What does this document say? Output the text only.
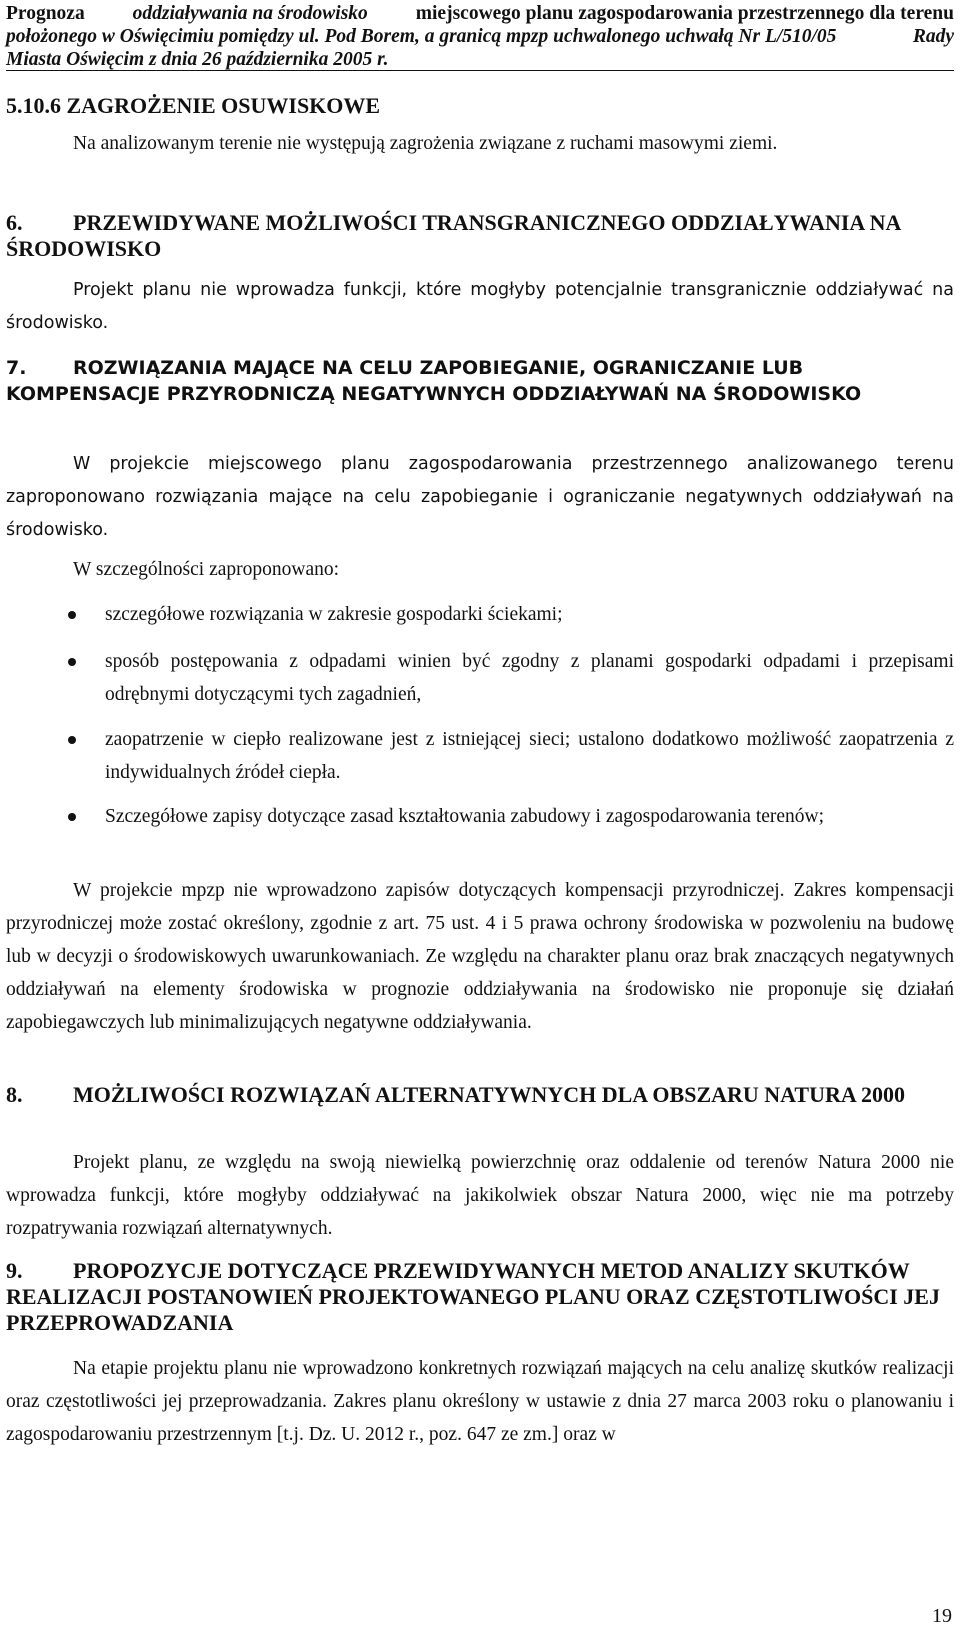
Prognoza oddziaływania na środowisko miejscowego planu zagospodarowania przestrzennego dla terenu
położonego w Oświęcimiu pomiędzy ul. Pod Borem, a granicą mpzp uchwalonego uchwałą Nr L/510/05	Rady
Miasta Oświęcim z dnia 26 października 2005 r.
5.10.6 ZAGROŻENIE OSUWISKOWE
Na analizowanym terenie nie występują zagrożenia związane z ruchami masowymi ziemi.
6. PRZEWIDYWANE MOŻLIWOŚCI TRANSGRANICZNEGO ODDZIAŁYWANIA NA ŚRODOWISKO
Projekt planu nie wprowadza funkcji, które mogłyby potencjalnie transgranicznie oddziaływać na środowisko.
7. ROZWIĄZANIA MAJĄCE NA CELU ZAPOBIEGANIE, OGRANICZANIE LUB KOMPENSACJE PRZYRODNICZĄ NEGATYWNYCH ODDZIAŁYWAŃ NA ŚRODOWISKO
W projekcie miejscowego planu zagospodarowania przestrzennego analizowanego terenu zaproponowano rozwiązania mające na celu zapobieganie i ograniczanie negatywnych oddziaływań na środowisko.
W szczególności zaproponowano:
szczegółowe rozwiązania w zakresie gospodarki ściekami;
sposób postępowania z odpadami winien być zgodny z planami gospodarki odpadami i przepisami odrębnymi dotyczącymi tych zagadnień,
zaopatrzenie w ciepło realizowane jest z istniejącej sieci; ustalono dodatkowo możliwość zaopatrzenia z indywidualnych źródeł ciepła.
Szczegółowe zapisy dotyczące zasad kształtowania zabudowy i zagospodarowania terenów;
W projekcie mpzp nie wprowadzono zapisów dotyczących kompensacji przyrodniczej. Zakres kompensacji przyrodniczej może zostać określony, zgodnie z art. 75 ust. 4 i 5 prawa ochrony środowiska w pozwoleniu na budowę lub w decyzji o środowiskowych uwarunkowaniach. Ze względu na charakter planu oraz brak znaczących negatywnych oddziaływań na elementy środowiska w prognozie oddziaływania na środowisko nie proponuje się działań zapobiegawczych lub minimalizujących negatywne oddziaływania.
8. MOŻLIWOŚCI ROZWIĄZAŃ ALTERNATYWNYCH DLA OBSZARU NATURA 2000
Projekt planu, ze względu na swoją niewielką powierzchnię oraz oddalenie od terenów Natura 2000 nie wprowadza funkcji, które mogłyby oddziaływać na jakikolwiek obszar Natura 2000, więc nie ma potrzeby rozpatrywania rozwiązań alternatywnych.
9. PROPOZYCJE DOTYCZĄCE PRZEWIDYWANYCH METOD ANALIZY SKUTKÓW REALIZACJI POSTANOWIEŃ PROJEKTOWANEGO PLANU ORAZ CZĘSTOTLIWOŚCI JEJ PRZEPROWADZANIA
Na etapie projektu planu nie wprowadzono konkretnych rozwiązań mających na celu analizę skutków realizacji oraz częstotliwości jej przeprowadzania. Zakres planu określony w ustawie z dnia 27 marca 2003 roku o planowaniu i zagospodarowaniu przestrzennym [t.j. Dz. U. 2012 r., poz. 647 ze zm.] oraz w
19
